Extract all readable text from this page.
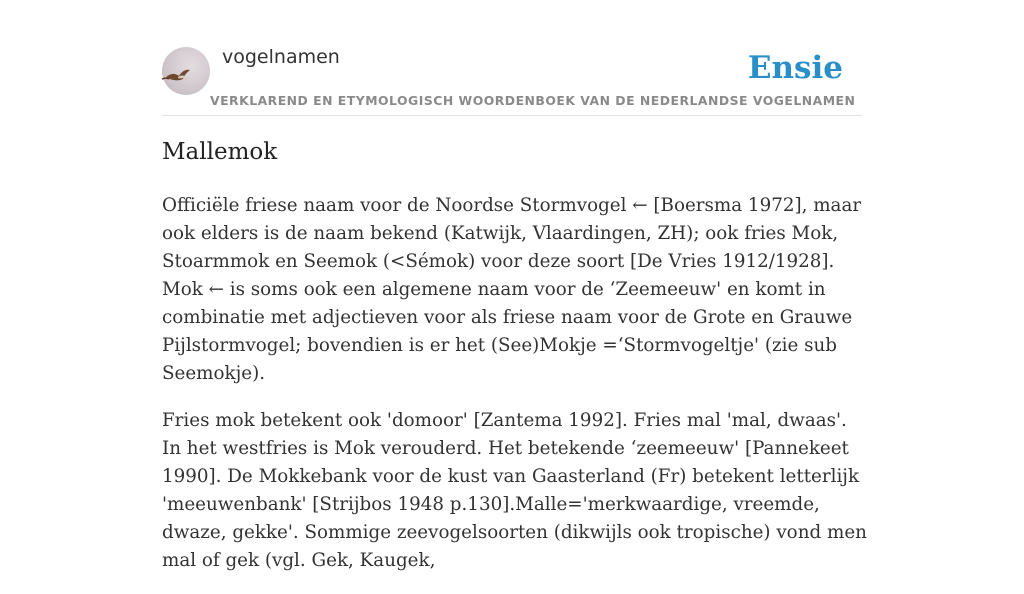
vogelnamen
VERKLAREND EN ETYMOLOGISCH WOORDENBOEK VAN DE NEDERLANDSE VOGELNAMEN
Ensie
Mallemok

Officiële friese naam voor de Noordse Stormvogel ← [Boersma 1972], maar ook elders is de naam bekend (Katwijk, Vlaardingen, ZH); ook fries Mok, Stoarmmok en Seemok (<Sémok) voor deze soort [De Vries 1912/1928]. Mok ← is soms ook een algemene naam voor de ‘Zeemeeuw' en komt in combinatie met adjectieven voor als friese naam voor de Grote en Grauwe Pijlstormvogel; bovendien is er het (See)Mokje =‘Stormvogeltje' (zie sub Seemokje).

Fries mok betekent ook 'domoor' [Zantema 1992]. Fries mal 'mal, dwaas'. In het westfries is Mok verouderd. Het betekende ‘zeemeeuw' [Pannekeet 1990]. De Mokkebank voor de kust van Gaasterland (Fr) betekent letterlijk 'meeuwenbank' [Strijbos 1948 p.130].Malle='merkwaardige, vreemde, dwaze, gekke'. Sommige zeevogelsoorten (dikwijls ook tropische) vond men mal of gek (vgl. Gek, Kaugek,
